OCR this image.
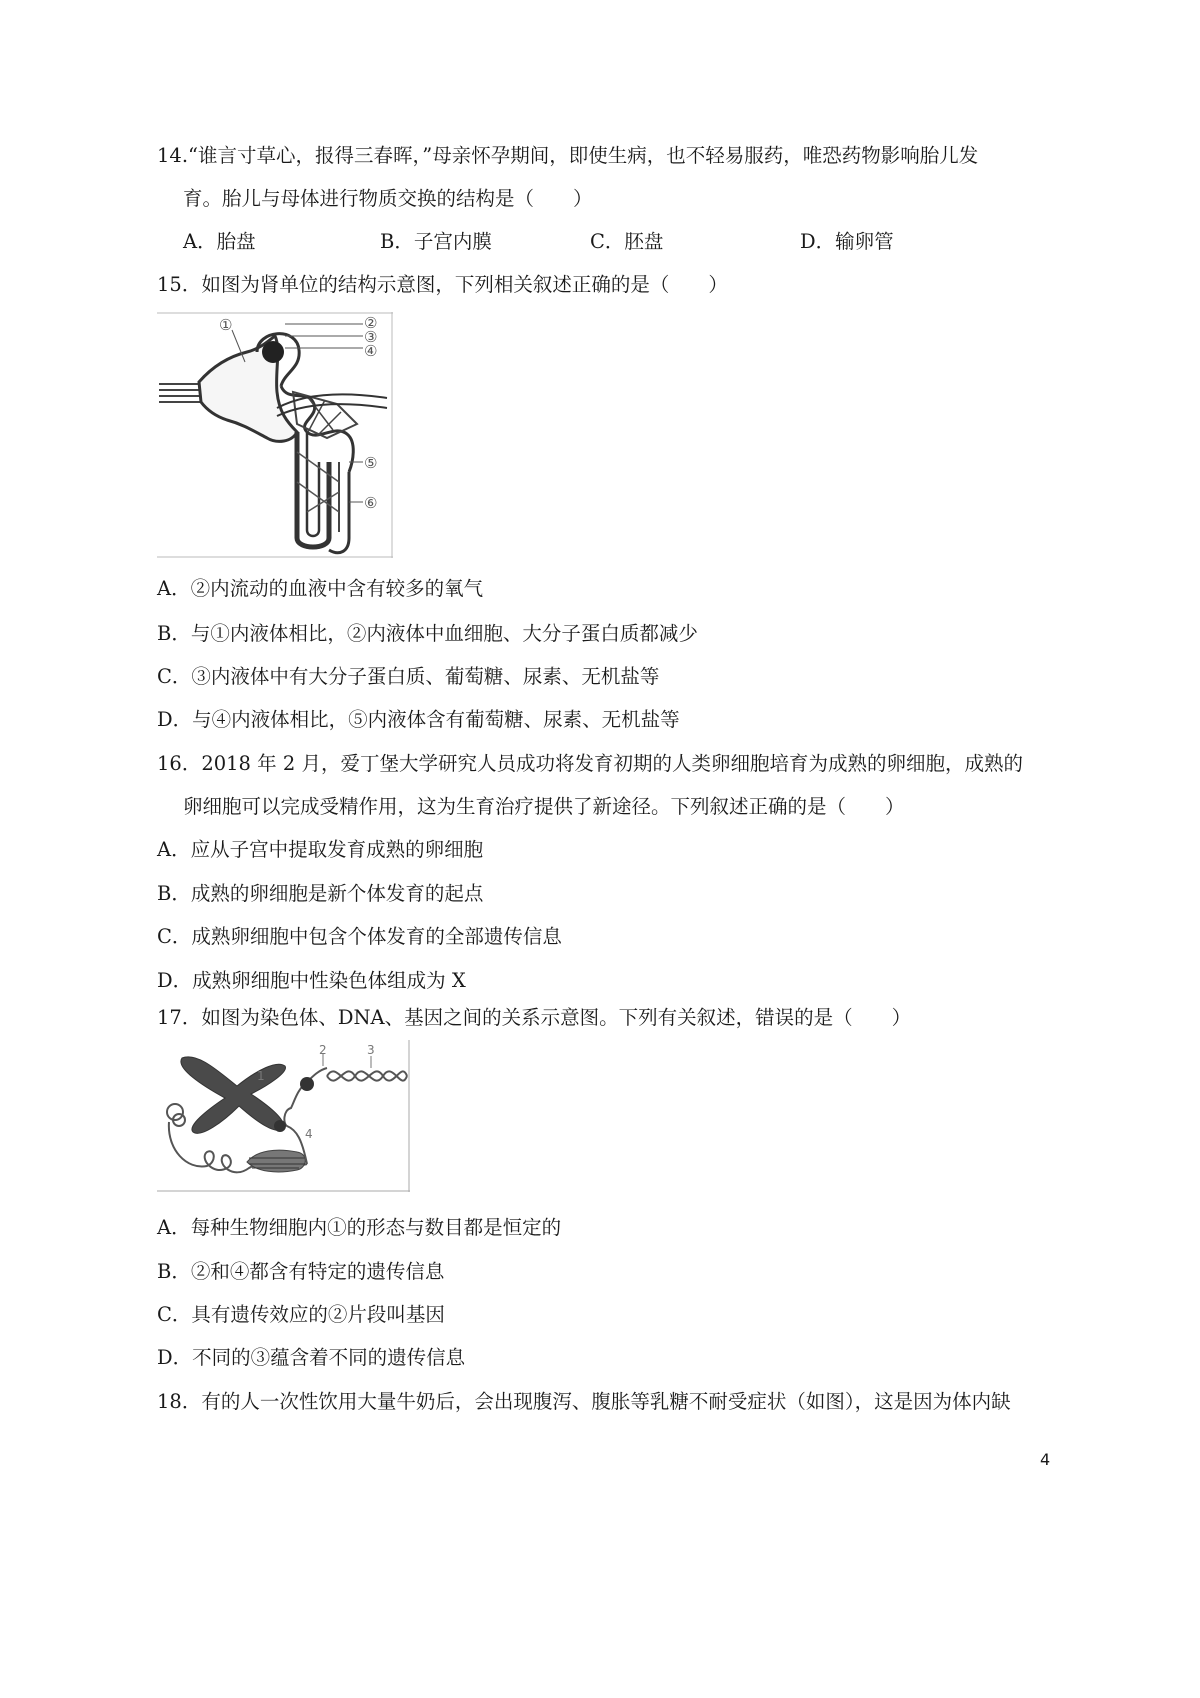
14.“谁言寸草心，报得三春晖，”母亲怀孕期间，即使生病，也不轻易服药，唯恐药物影响胎儿发
育。胎儿与母体进行物质交换的结构是（　　）
A．胎盘	B．子宫内膜	C．胚盘	D．输卵管
15．如图为肾单位的结构示意图，下列相关叙述正确的是（　　）
①	②
③
④
⑤
⑥
A．②内流动的血液中含有较多的氧气
B．与①内液体相比，②内液体中血细胞、大分子蛋白质都减少
C．③内液体中有大分子蛋白质、葡萄糖、尿素、无机盐等
D．与④内液体相比，⑤内液体含有葡萄糖、尿素、无机盐等
16．2018 年 2 月，爱丁堡大学研究人员成功将发育初期的人类卵细胞培育为成熟的卵细胞，成熟的
卵细胞可以完成受精作用，这为生育治疗提供了新途径。下列叙述正确的是（　　）
A．应从子宫中提取发育成熟的卵细胞
B．成熟的卵细胞是新个体发育的起点
C．成熟卵细胞中包含个体发育的全部遗传信息
D．成熟卵细胞中性染色体组成为 X
17．如图为染色体、DNA、基因之间的关系示意图。下列有关叙述，错误的是（　　）
1
2	3
4
A．每种生物细胞内①的形态与数目都是恒定的
B．②和④都含有特定的遗传信息
C．具有遗传效应的②片段叫基因
D．不同的③蕴含着不同的遗传信息
18．有的人一次性饮用大量牛奶后，会出现腹泻、腹胀等乳糖不耐受症状（如图），这是因为体内缺
4
